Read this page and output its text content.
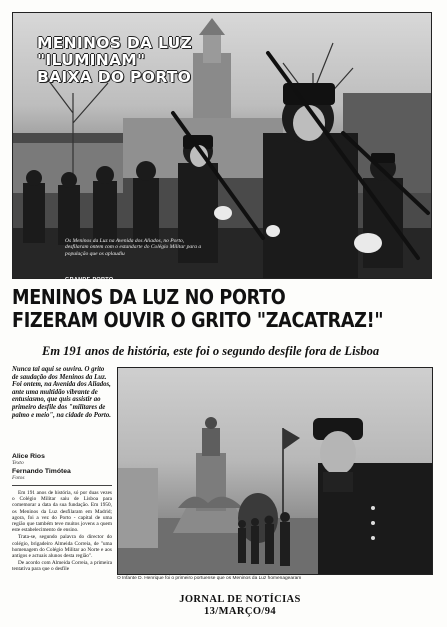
MENINOS DA LUZ
"ILUMINAM"
BAIXA DO PORTO
Os Meninos da Luz na Avenida dos Aliados, no Porto, desfilaram ontem com o estandarte do Colégio Militar para a população que os aplaudiu
GRANDE PORTO
MENINOS DA LUZ NO PORTO
FIZERAM OUVIR O GRITO "ZACATRAZ!"
Em 191 anos de história, este foi o segundo desfile fora de Lisboa
Nunca tal aqui se ouvira. O grito de saudação dos Meninos da Luz. Foi ontem, na Avenida dos Aliados, ante uma multidão vibrante de entusiasmo, que quis assistir ao primeiro desfile dos "militares de palmo e meio", na cidade do Porto.
Alice Rios
Texto
Fernando Timótea
Fotos

Em 191 anos de história, só por duas vezes o Colégio Militar saiu de Lisboa para comemorar a data da sua fundação. Em 1950, os Meninos da Luz desfilaram em Madrid; agora, foi a vez do Porto - capital de uma região que também teve muitos jovens a quem este estabelecimento de ensino.

Trata-se, segundo palavra do director do colégio, brigadeiro Almeida Correia, de "uma homenagem do Colégio Militar ao Norte e aos antigos e actuais alunos desta região".

De acordo com Almeida Correia, a primeira tentativa para que o desfile

O Infante D. Henrique foi o primeiro portuense que os Meninos da Luz homenagearam
JORNAL DE NOTÍCIAS
13/MARÇO/94
